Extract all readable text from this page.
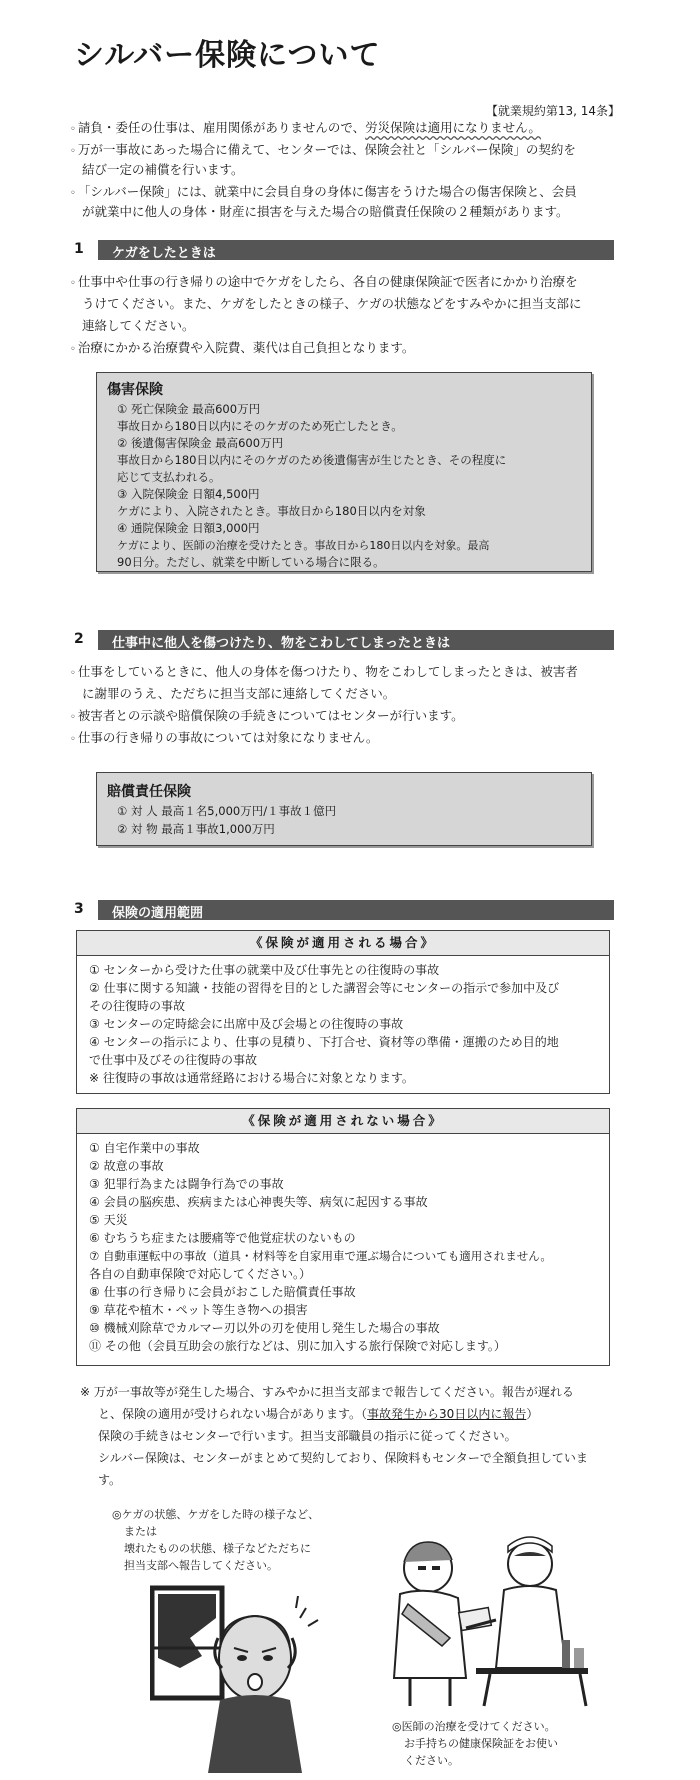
シルバー保険について
【就業規約第13, 14条】
◦ 請負・委任の仕事は、雇用関係がありませんので、労災保険は適用になりません。
◦ 万が一事故にあった場合に備えて、センターでは、保険会社と「シルバー保険」の契約を
結び一定の補償を行います。
◦ 「シルバー保険」には、就業中に会員自身の身体に傷害をうけた場合の傷害保険と、会員
が就業中に他人の身体・財産に損害を与えた場合の賠償責任保険の２種類があります。
1 ケガをしたときは
◦ 仕事中や仕事の行き帰りの途中でケガをしたら、各自の健康保険証で医者にかかり治療を
うけてください。また、ケガをしたときの様子、ケガの状態などをすみやかに担当支部に
連絡してください。
◦ 治療にかかる治療費や入院費、薬代は自己負担となります。
傷害保険
① 死亡保険金 最高600万円
事故日から180日以内にそのケガのため死亡したとき。
② 後遺傷害保険金 最高600万円
事故日から180日以内にそのケガのため後遺傷害が生じたとき、その程度に
応じて支払われる。
③ 入院保険金 日額4,500円
ケガにより、入院されたとき。事故日から180日以内を対象
④ 通院保険金 日額3,000円
ケガにより、医師の治療を受けたとき。事故日から180日以内を対象。最高
90日分。ただし、就業を中断している場合に限る。
2 仕事中に他人を傷つけたり、物をこわしてしまったときは
◦ 仕事をしているときに、他人の身体を傷つけたり、物をこわしてしまったときは、被害者
に謝罪のうえ、ただちに担当支部に連絡してください。
◦ 被害者との示談や賠償保険の手続きについてはセンターが行います。
◦ 仕事の行き帰りの事故については対象になりません。
賠償責任保険
① 対 人 最高１名5,000万円/１事故１億円
② 対 物 最高１事故1,000万円
3 保険の適用範囲
《保険が適用される場合》
① センターから受けた仕事の就業中及び仕事先との往復時の事故
② 仕事に関する知識・技能の習得を目的とした講習会等にセンターの指示で参加中及び
その往復時の事故
③ センターの定時総会に出席中及び会場との往復時の事故
④ センターの指示により、仕事の見積り、下打合せ、資材等の準備・運搬のため目的地
で仕事中及びその往復時の事故
※ 往復時の事故は通常経路における場合に対象となります。
《保険が適用されない場合》
① 自宅作業中の事故
② 故意の事故
③ 犯罪行為または闘争行為での事故
④ 会員の脳疾患、疾病または心神喪失等、病気に起因する事故
⑤ 天災
⑥ むちうち症または腰痛等で他覚症状のないもの
⑦ 自動車運転中の事故（道具・材料等を自家用車で運ぶ場合についても適用されません。
各自の自動車保険で対応してください。）
⑧ 仕事の行き帰りに会員がおこした賠償責任事故
⑨ 草花や植木・ペット等生き物への損害
⑩ 機械刈除草でカルマー刃以外の刃を使用し発生した場合の事故
⑪ その他（会員互助会の旅行などは、別に加入する旅行保険で対応します。）
※ 万が一事故等が発生した場合、すみやかに担当支部まで報告してください。報告が遅れる
と、保険の適用が受けられない場合があります。（事故発生から30日以内に報告）
保険の手続きはセンターで行います。担当支部職員の指示に従ってください。
シルバー保険は、センターがまとめて契約しており、保険料もセンターで全額負担していま
す。
◎ケガの状態、ケガをした時の様子など、
または
壊れたものの状態、様子などただちに
担当支部へ報告してください。
◎医師の治療を受けてください。
お手持ちの健康保険証をお使い
ください。
